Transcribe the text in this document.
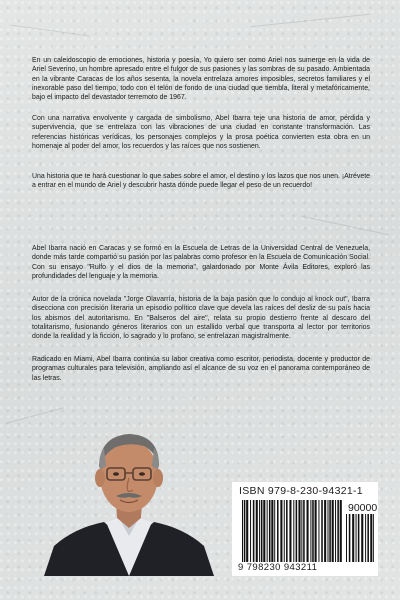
En un caleidoscopio de emociones, historia y poesía, Yo quiero ser como Ariel nos sumerge en la vida de Ariel Severino, un hombre apresado entre el fulgor de sus pasiones y las sombras de su pasado. Ambientada en la vibrante Caracas de los años sesenta, la novela entrelaza amores imposibles, secretos familiares y el inexorable paso del tiempo, todo con el telón de fondo de una ciudad que tiembla, literal y metafóricamente, bajo el impacto del devastador terremoto de 1967.

Con una narrativa envolvente y cargada de simbolismo, Abel Ibarra teje una historia de amor, pérdida y supervivencia, que se entrelaza con las vibraciones de una ciudad en constante transformación. Las referencias históricas verídicas, los personajes complejos y la prosa poética convierten esta obra en un homenaje al poder del amor, los recuerdos y las raíces que nos sostienen.

Una historia que te hará cuestionar lo que sabes sobre el amor, el destino y los lazos que nos unen. ¡Atrévete a entrar en el mundo de Ariel y descubrir hasta dónde puede llegar el peso de un recuerdo!

Abel Ibarra nació en Caracas y se formó en la Escuela de Letras de la Universidad Central de Venezuela, donde más tarde compartió su pasión por las palabras como profesor en la Escuela de Comunicación Social. Con su ensayo "Rulfo y el dios de la memoria", galardonado por Monte Ávila Editores, exploró las profundidades del lenguaje y la memoria.

Autor de la crónica novelada "Jorge Olavarría, historia de la baja pasión que lo condujo al knock out", Ibarra disecciona con precisión literaria un episodio político clave que devela las raíces del desliz de su país hacia los abismos del autoritarismo. En "Balseros del aire", relata su propio destierro frente al descaro del totalitarismo, fusionando géneros literarios con un estallido verbal que transporta al lector por territorios donde la realidad y la ficción, lo sagrado y lo profano, se entrelazan magistralmente.

Radicado en Miami, Abel Ibarra continúa su labor creativa como escritor, periodista, docente y productor de programas culturales para televisión, ampliando así el alcance de su voz en el panorama contemporáneo de las letras.

ISBN 979-8-230-94321-1
90000
9 798230 943211
